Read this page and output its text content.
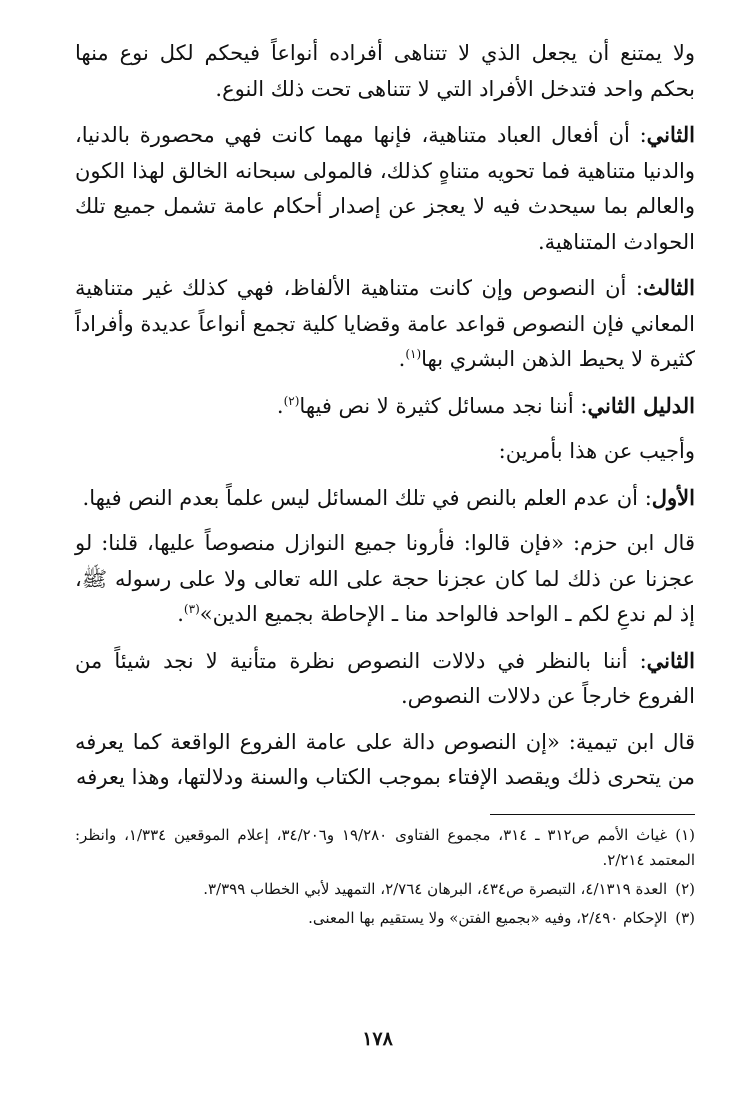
ولا يمتنع أن يجعل الذي لا تتناهى أفراده أنواعاً فيحكم لكل نوع منها بحكم واحد فتدخل الأفراد التي لا تتناهى تحت ذلك النوع.

الثاني: أن أفعال العباد متناهية، فإنها مهما كانت فهي محصورة بالدنيا، والدنيا متناهية فما تحويه متناهٍ كذلك، فالمولى سبحانه الخالق لهذا الكون والعالم بما سيحدث فيه لا يعجز عن إصدار أحكام عامة تشمل جميع تلك الحوادث المتناهية.

الثالث: أن النصوص وإن كانت متناهية الألفاظ، فهي كذلك غير متناهية المعاني فإن النصوص قواعد عامة وقضايا كلية تجمع أنواعاً عديدة وأفراداً كثيرة لا يحيط الذهن البشري بها$^{(١)}$.

الدليل الثاني: أننا نجد مسائل كثيرة لا نص فيها$^{(٢)}$.

وأجيب عن هذا بأمرين:

الأول: أن عدم العلم بالنص في تلك المسائل ليس علماً بعدم النص فيها.

قال ابن حزم: «فإن قالوا: فأرونا جميع النوازل منصوصاً عليها، قلنا: لو عجزنا عن ذلك لما كان عجزنا حجة على الله تعالى ولا على رسوله ﷺ، إذ لم ندعِ لكم ـ الواحد فالواحد منا ـ الإحاطة بجميع الدين»$^{(٣)}$.

الثاني: أننا بالنظر في دلالات النصوص نظرة متأنية لا نجد شيئاً من الفروع خارجاً عن دلالات النصوص.

قال ابن تيمية: «إن النصوص دالة على عامة الفروع الواقعة كما يعرفه من يتحرى ذلك ويقصد الإفتاء بموجب الكتاب والسنة ودلالتها، وهذا يعرفه

(١)غياث الأمم ص٣١٢ ـ ٣١٤، مجموع الفتاوى ١٩/٢٨٠ و٣٤/٢٠٦، إعلام الموقعين ١/٣٣٤، وانظر: المعتمد ٢/٢١٤.

(٢)العدة ٤/١٣١٩، التبصرة ص٤٣٤، البرهان ٢/٧٦٤، التمهيد لأبي الخطاب ٣/٣٩٩.

(٣)الإحكام ٢/٤٩٠، وفيه «بجميع الفتن» ولا يستقيم بها المعنى.

١٧٨
